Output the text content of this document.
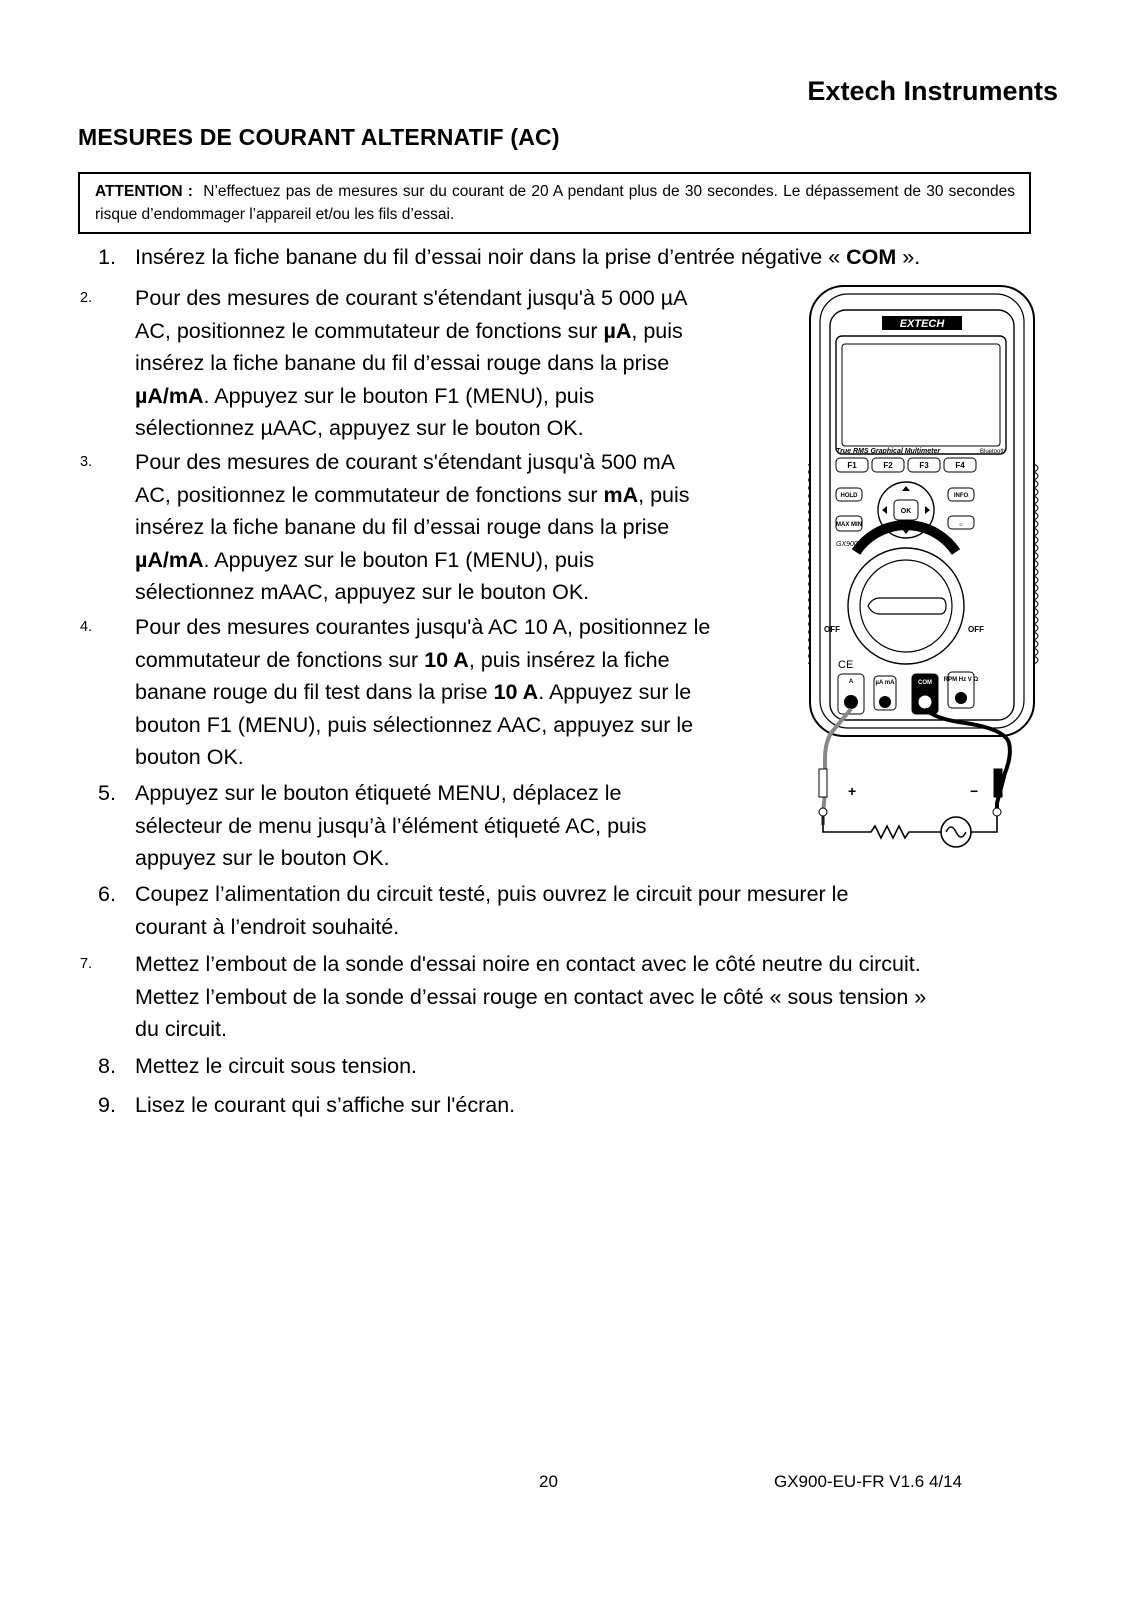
Extech Instruments
MESURES DE COURANT ALTERNATIF (AC)
ATTENTION : N’effectuez pas de mesures sur du courant de 20 A pendant plus de 30 secondes. Le dépassement de 30 secondes risque d’endommager l’appareil et/ou les fils d’essai.
1. Insérez la fiche banane du fil d’essai noir dans la prise d’entrée négative « COM ».
2. Pour des mesures de courant s'étendant jusqu'à 5 000 µA
AC, positionnez le commutateur de fonctions sur µA, puis
insérez la fiche banane du fil d’essai rouge dans la prise
µA/mA. Appuyez sur le bouton F1 (MENU), puis
sélectionnez µAAC, appuyez sur le bouton OK.
3. Pour des mesures de courant s'étendant jusqu'à 500 mA
AC, positionnez le commutateur de fonctions sur mA, puis
insérez la fiche banane du fil d’essai rouge dans la prise
µA/mA. Appuyez sur le bouton F1 (MENU), puis
sélectionnez mAAC, appuyez sur le bouton OK.
4. Pour des mesures courantes jusqu'à AC 10 A, positionnez le
commutateur de fonctions sur 10 A, puis insérez la fiche
banane rouge du fil test dans la prise 10 A. Appuyez sur le
bouton F1 (MENU), puis sélectionnez AAC, appuyez sur le
bouton OK.
5. Appuyez sur le bouton étiqueté MENU, déplacez le
sélecteur de menu jusqu’à l’élément étiqueté AC, puis
appuyez sur le bouton OK.
6. Coupez l’alimentation du circuit testé, puis ouvrez le circuit pour mesurer le
courant à l’endroit souhaité.
7. Mettez l’embout de la sonde d'essai noire en contact avec le côté neutre du circuit.
Mettez l’embout de la sonde d’essai rouge en contact avec le côté « sous tension »
du circuit.
8. Mettez le circuit sous tension.
9. Lisez le courant qui s’affiche sur l'écran.
EXTECH
True RMS Graphical Multimeter	Bluetooth
F1	F2	F3	F4
HOLD
MAX MIN
INFO
☼
OK
GX900
OFF	OFF
CE
A	µA mA	COM RPM Hz V Ω
+	−
20	GX900-EU-FR V1.6 4/14
